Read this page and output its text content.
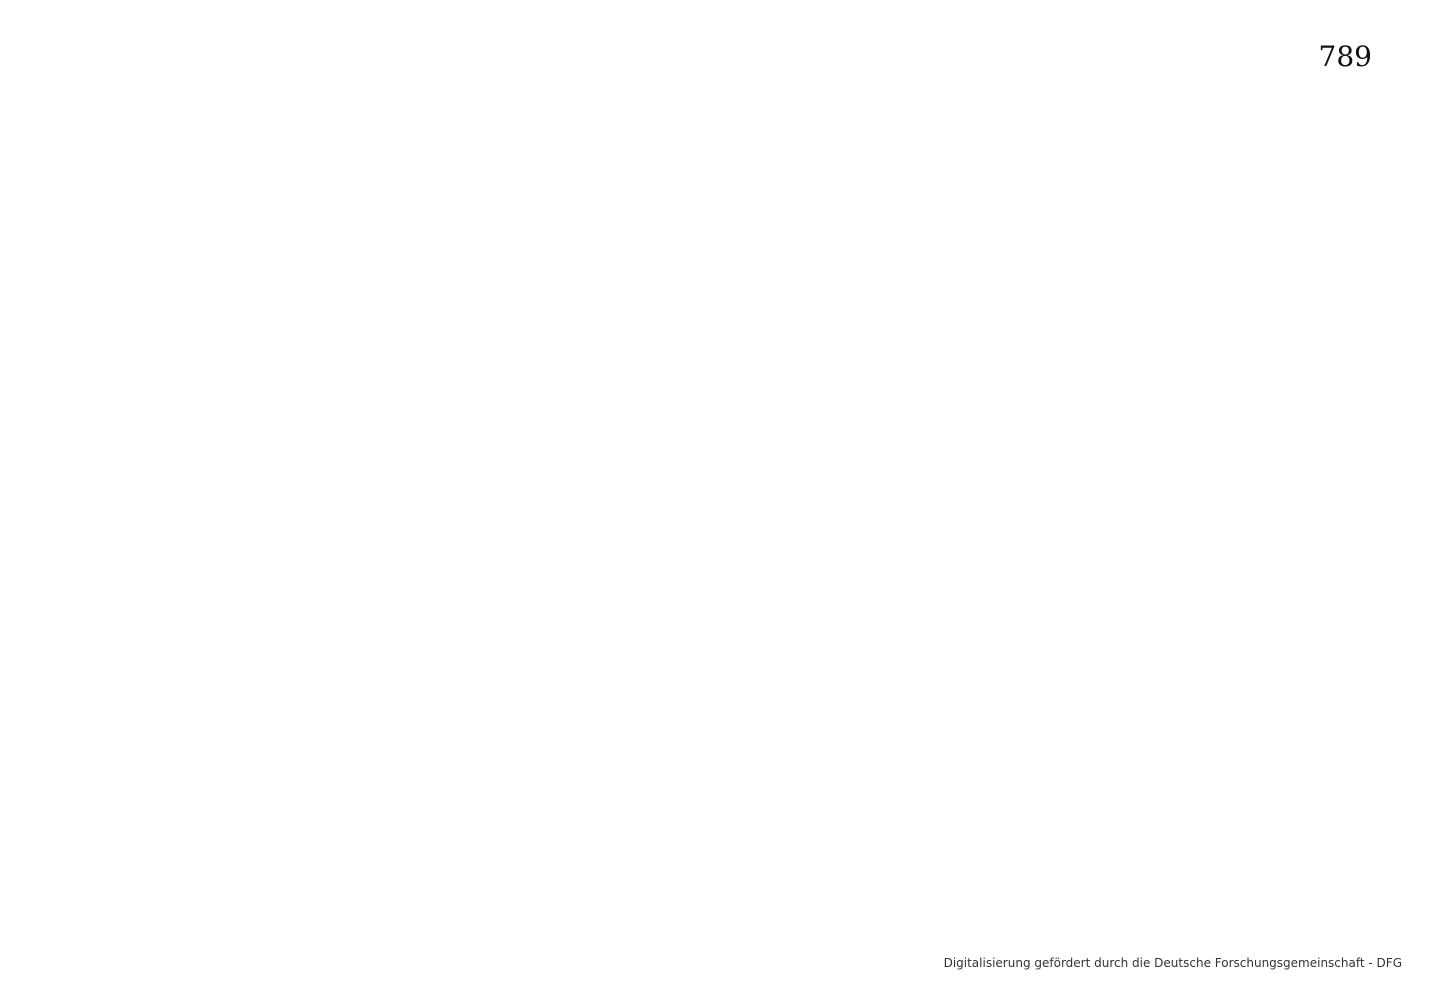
789
Digitalisierung gefördert durch die Deutsche Forschungsgemeinschaft - DFG
